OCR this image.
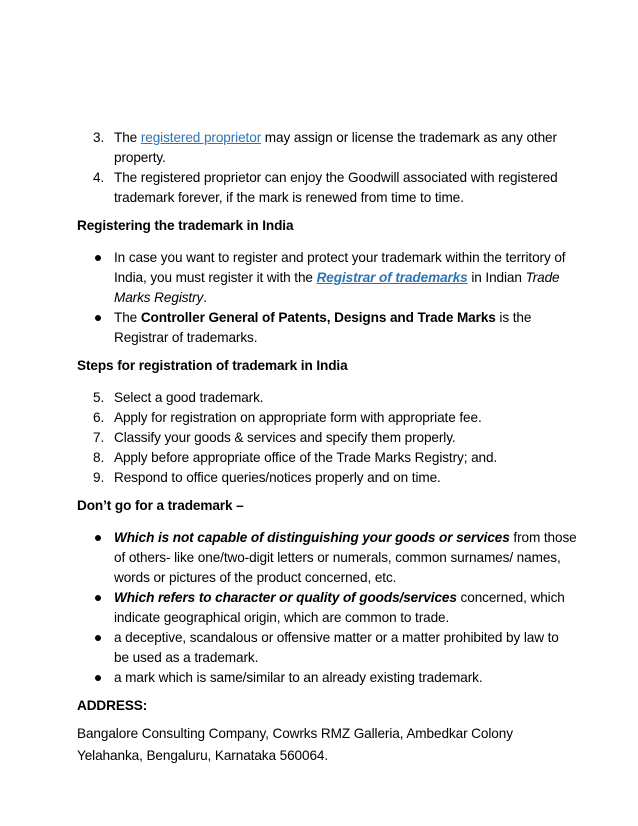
3. The registered proprietor may assign or license the trademark as any other property.
4. The registered proprietor can enjoy the Goodwill associated with registered trademark forever, if the mark is renewed from time to time.

Registering the trademark in India

In case you want to register and protect your trademark within the territory of India, you must register it with the Registrar of trademarks in Indian Trade Marks Registry.
The Controller General of Patents, Designs and Trade Marks is the Registrar of trademarks.

Steps for registration of trademark in India

5. Select a good trademark.
6. Apply for registration on appropriate form with appropriate fee.
7. Classify your goods & services and specify them properly.
8. Apply before appropriate office of the Trade Marks Registry; and.
9. Respond to office queries/notices properly and on time.

Don’t go for a trademark –

Which is not capable of distinguishing your goods or services from those of others- like one/two-digit letters or numerals, common surnames/ names, words or pictures of the product concerned, etc.
Which refers to character or quality of goods/services concerned, which indicate geographical origin, which are common to trade.
a deceptive, scandalous or offensive matter or a matter prohibited by law to be used as a trademark.
a mark which is same/similar to an already existing trademark.

ADDRESS:

Bangalore Consulting Company, Cowrks RMZ Galleria, Ambedkar Colony

Yelahanka, Bengaluru, Karnataka 560064.
